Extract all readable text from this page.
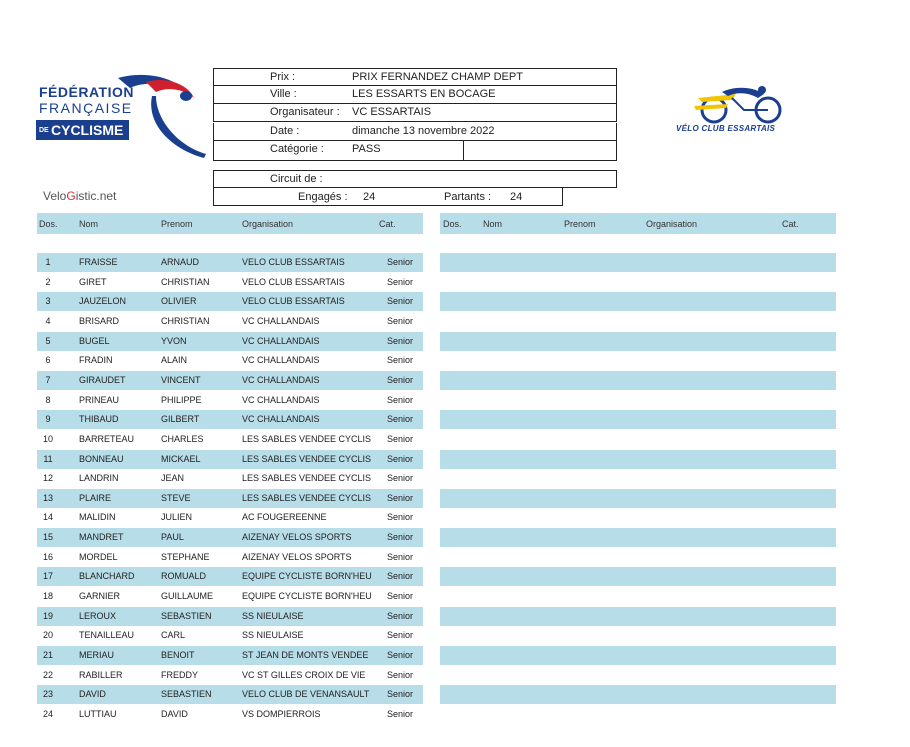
FÉDÉRATION
FRANÇAISE
DE CYCLISME
Prix :	PRIX FERNANDEZ CHAMP DEPT
Ville :	LES ESSARTS EN BOCAGE
Organisateur : VC ESSARTAIS
Date :	dimanche 13 novembre 2022
Catégorie :	PASS
Circuit de :
Engagés : 24	Partants : 24
VeloGistic.net
VÉLO CLUB ESSARTAIS
Dos. Nom	Prenom	Organisation	Cat.	Dos. Nom	Prenom	Organisation	Cat.
1	FRAISSE	ARNAUD	VELO CLUB ESSARTAIS	Senior
2	GIRET	CHRISTIAN	VELO CLUB ESSARTAIS	Senior
3	JAUZELON	OLIVIER	VELO CLUB ESSARTAIS	Senior
4	BRISARD	CHRISTIAN	VC CHALLANDAIS	Senior
5	BUGEL	YVON	VC CHALLANDAIS	Senior
6	FRADIN	ALAIN	VC CHALLANDAIS	Senior
7	GIRAUDET	VINCENT	VC CHALLANDAIS	Senior
8	PRINEAU	PHILIPPE	VC CHALLANDAIS	Senior
9	THIBAUD	GILBERT	VC CHALLANDAIS	Senior
10	BARRETEAU	CHARLES	LES SABLES VENDEE CYCLIS Senior
11	BONNEAU	MICKAEL	LES SABLES VENDEE CYCLIS Senior
12	LANDRIN	JEAN	LES SABLES VENDEE CYCLIS Senior
13	PLAIRE	STEVE	LES SABLES VENDEE CYCLIS Senior
14	MALIDIN	JULIEN	AC FOUGEREENNE	Senior
15	MANDRET	PAUL	AIZENAY VELOS SPORTS	Senior
16	MORDEL	STEPHANE	AIZENAY VELOS SPORTS	Senior
17	BLANCHARD	ROMUALD	EQUIPE CYCLISTE BORN'HEU Senior
18	GARNIER	GUILLAUME	EQUIPE CYCLISTE BORN'HEU Senior
19	LEROUX	SEBASTIEN	SS NIEULAISE	Senior
20	TENAILLEAU	CARL	SS NIEULAISE	Senior
21	MERIAU	BENOIT	ST JEAN DE MONTS VENDEE Senior
22	RABILLER	FREDDY	VC ST GILLES CROIX DE VIE Senior
23	DAVID	SEBASTIEN	VELO CLUB DE VENANSAULT Senior
24	LUTTIAU	DAVID	VS DOMPIERROIS	Senior
